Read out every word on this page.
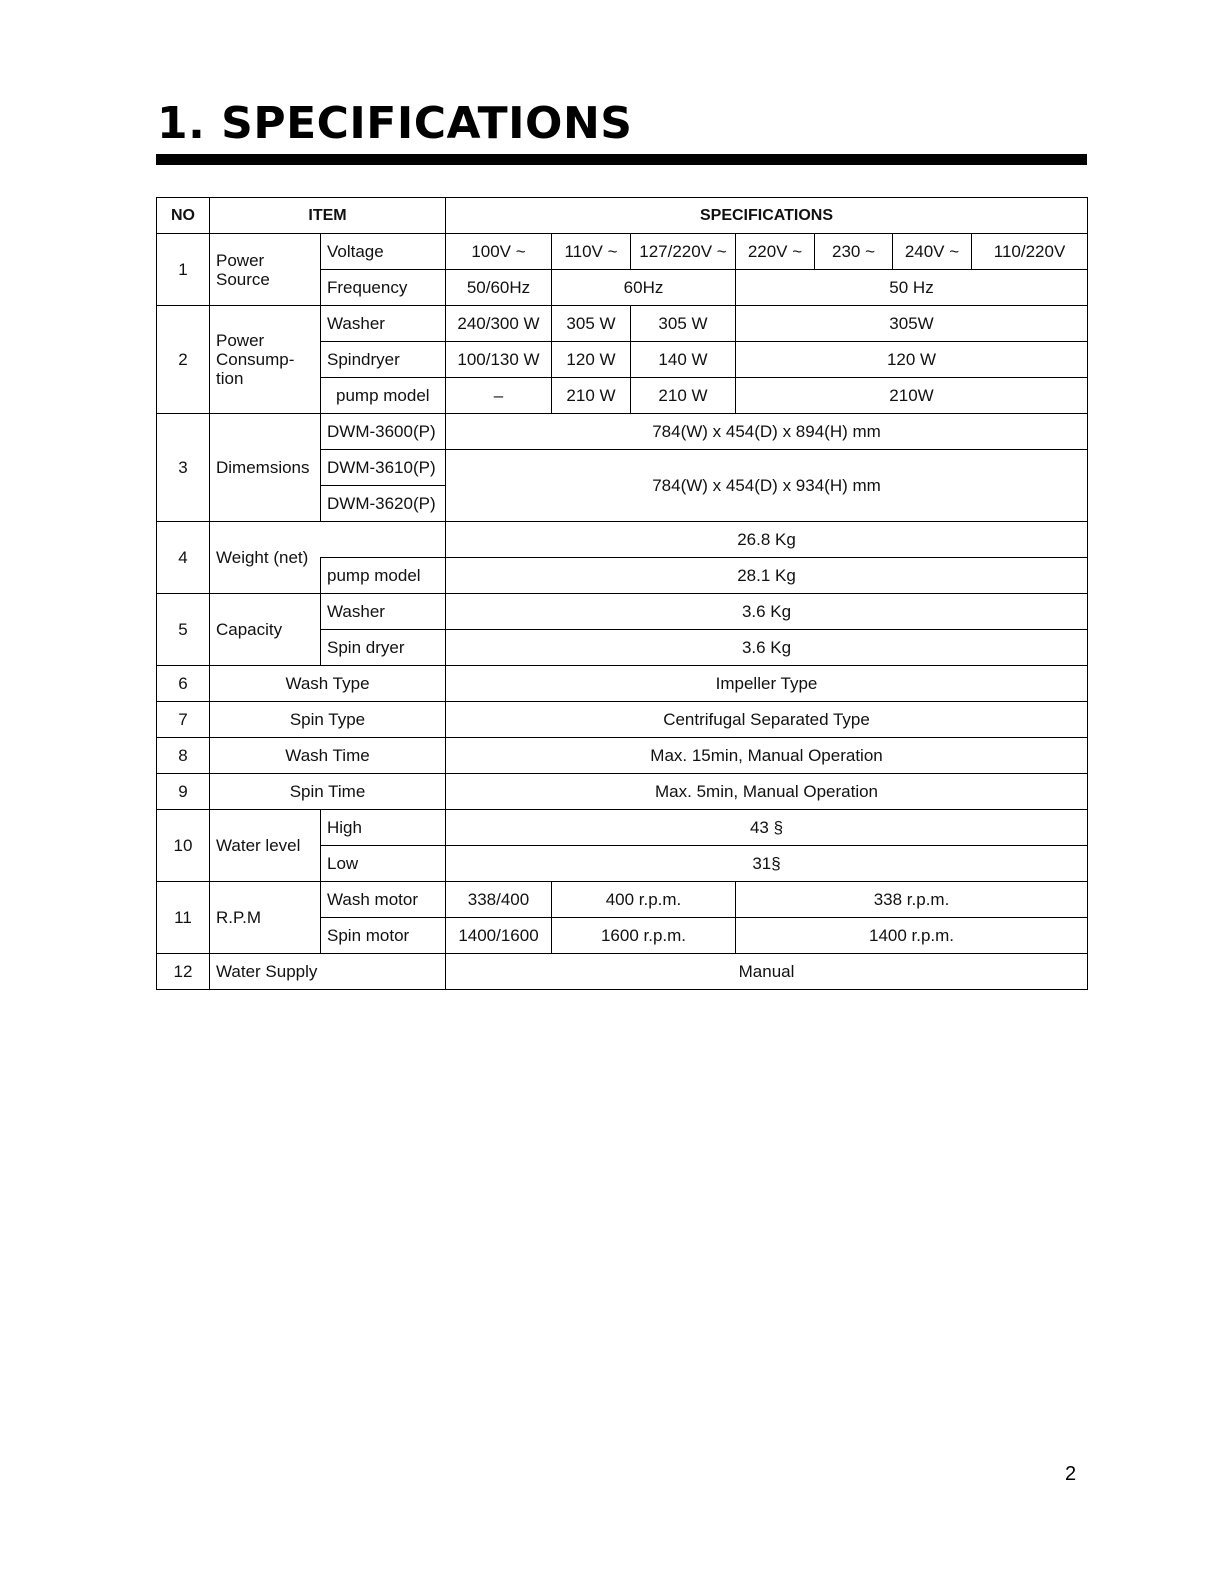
1. SPECIFICATIONS
NO	ITEM		SPECIFICATIONS						
1	Power Source	Voltage	100V ~	110V ~	127/220V ~	220V ~	230 ~	240V ~	110/220V
		Frequency	50/60Hz	60Hz		50 Hz			
2	Power Consump- tion	Washer	240/300 W	305 W	305 W	305W			
		Spindryer	100/130 W	120 W	140 W	120 W			
		pump model	–	210 W	210 W	210W			
3	Dimemsions	DWM-3600(P)	784(W) x 454(D) x 894(H) mm						
		DWM-3610(P)	784(W) x 454(D) x 934(H) mm						
		DWM-3620(P)							
4	Weight (net)		26.8 Kg						
		pump model	28.1 Kg						
5	Capacity	Washer	3.6 Kg						
		Spin dryer	3.6 Kg						
6	Wash Type		Impeller Type						
7	Spin Type		Centrifugal Separated Type						
8	Wash Time		Max. 15min, Manual Operation						
9	Spin Time		Max. 5min, Manual Operation						
10	Water level	High	43 §						
		Low	31§						
11	R.P.M	Wash motor	338/400	400 r.p.m.		338 r.p.m.			
		Spin motor	1400/1600	1600 r.p.m.		1400 r.p.m.			
12	Water Supply		Manual						
2
